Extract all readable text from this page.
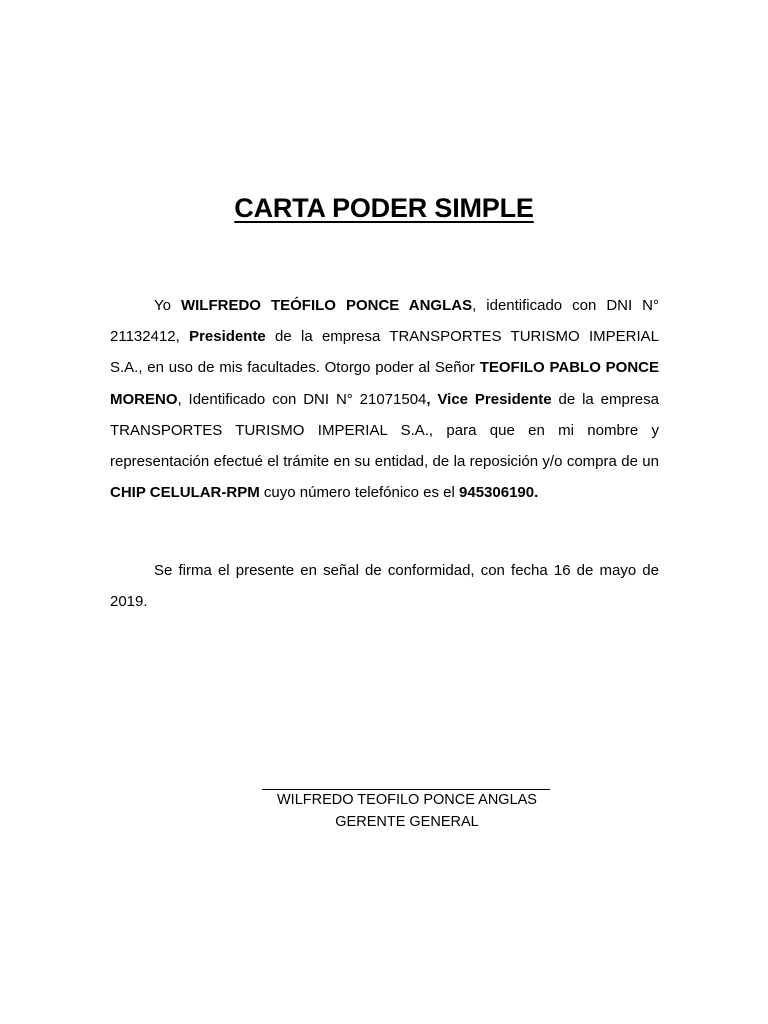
CARTA PODER SIMPLE

Yo WILFREDO TEÓFILO PONCE ANGLAS, identificado con DNI N° 21132412, Presidente de la empresa TRANSPORTES TURISMO IMPERIAL S.A., en uso de mis facultades. Otorgo poder al Señor TEOFILO PABLO PONCE MORENO, Identificado con DNI N° 21071504, Vice Presidente de la empresa TRANSPORTES TURISMO IMPERIAL S.A., para que en mi nombre y representación efectué el trámite en su entidad, de la reposición y/o compra de un CHIP CELULAR-RPM cuyo número telefónico es el 945306190.

Se firma el presente en señal de conformidad, con fecha 16 de mayo de 2019.

WILFREDO TEOFILO PONCE ANGLAS
GERENTE GENERAL
